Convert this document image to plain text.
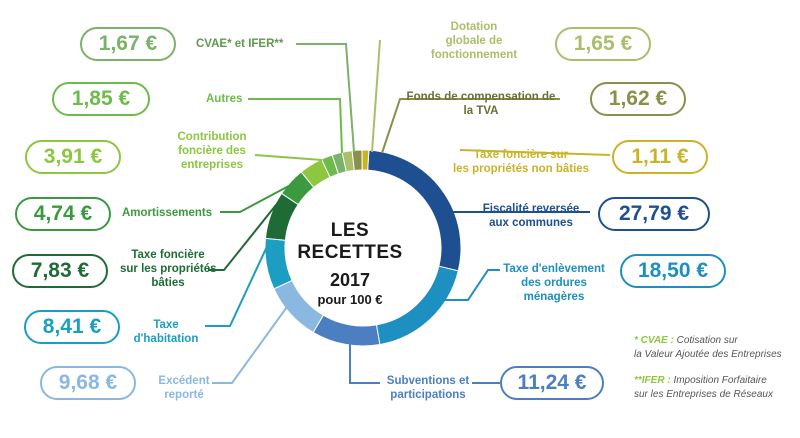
LES RECETTES
2017
pour 100 €
1,67 €	CVAE* et IFER**
1,85 €	Autres
3,91 €
Contribution
foncière des
entreprises
4,74 €	Amortissements
7,83 €
Taxe foncière
sur les propriétés
bâties
8,41 €	Taxe
d'habitation
9,68 €	Excédent
reporté
Dotation
globale de
fonctionnement	1,65 €
Fonds de compensation de
la TVA
1,62 €
Taxe foncière sur
les propriétés non bâties
1,11 €
Fiscalité reversée
aux communes	27,79 €
Taxe d'enlèvement
des ordures
ménagères
18,50 €
Subventions et
participations
11,24 €
* CVAE : Cotisation sur
la Valeur Ajoutée des Entreprises
**IFER : Imposition Forfaitaire
sur les Entreprises de Réseaux
